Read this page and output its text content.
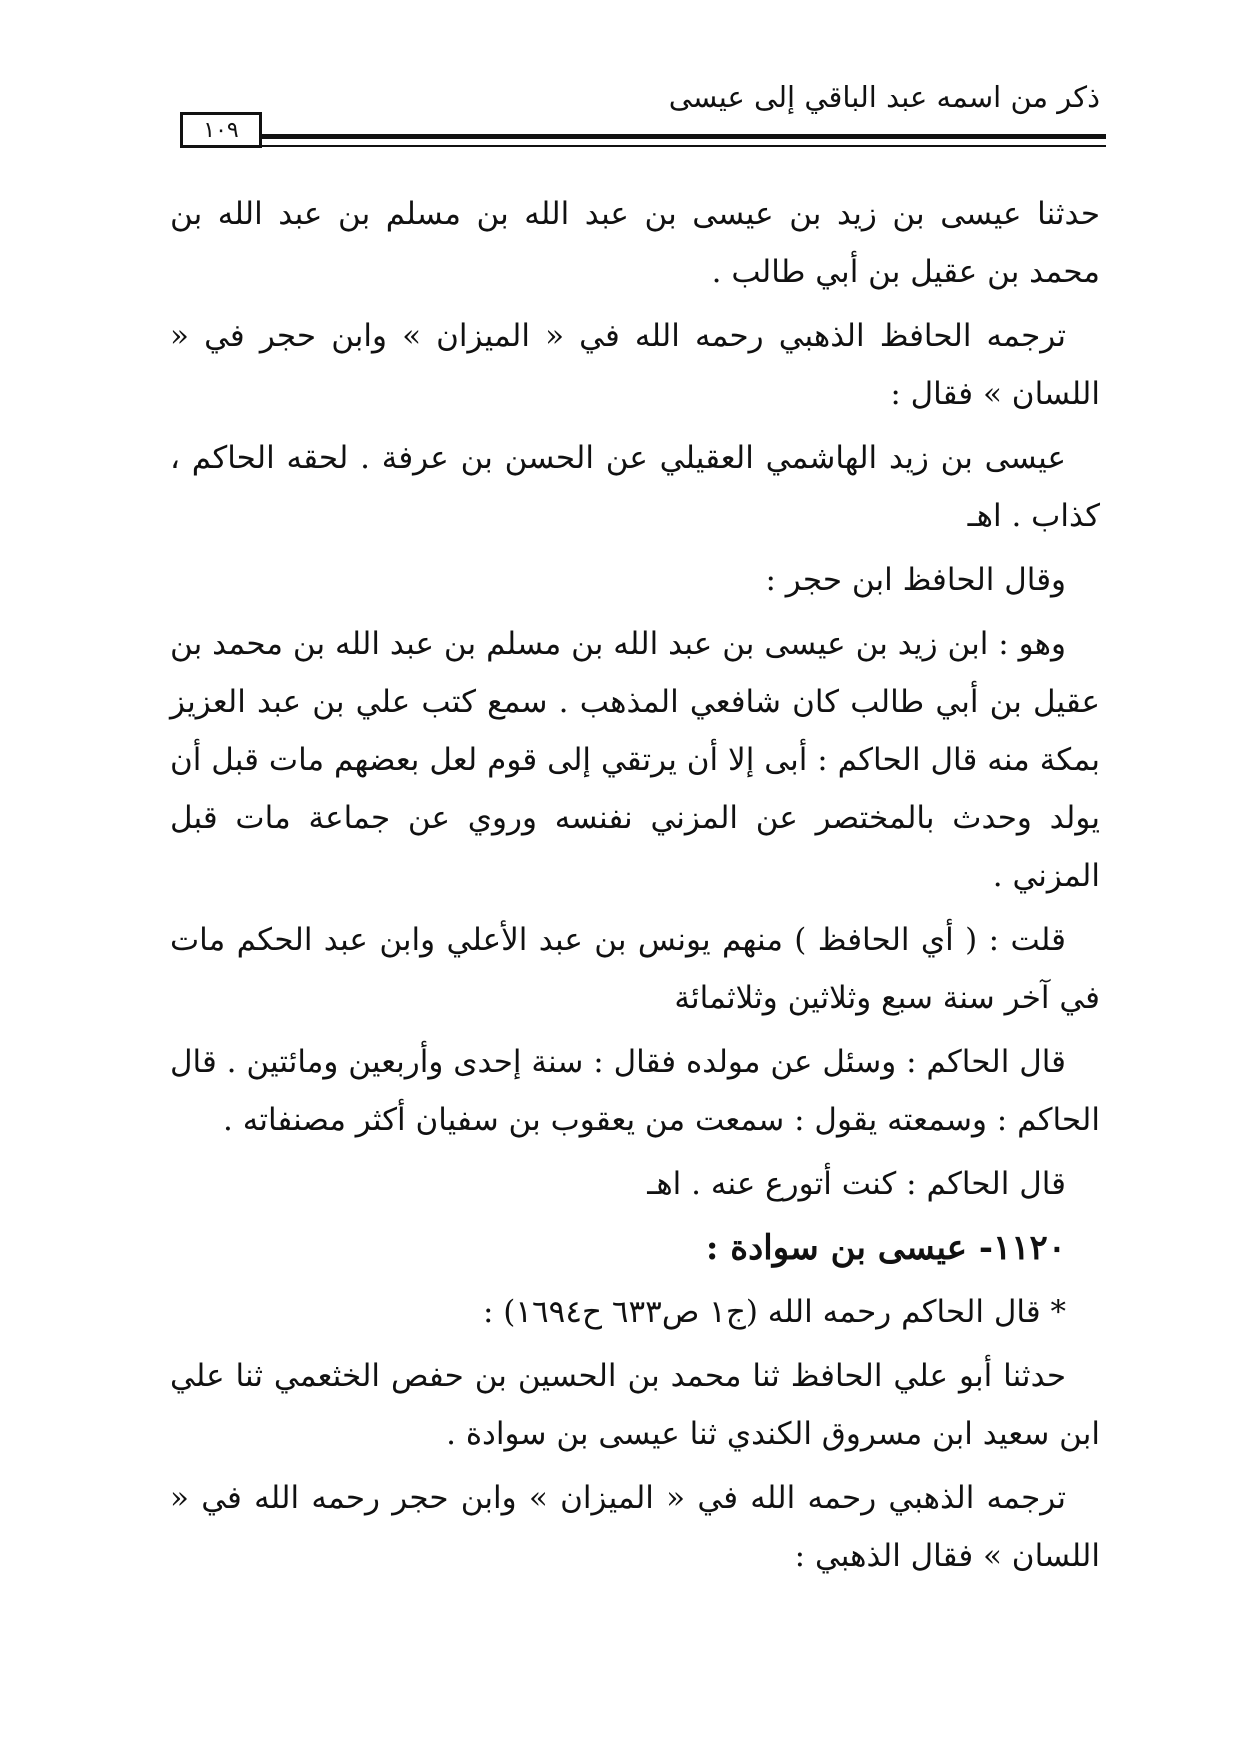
ذكر من اسمه عبد الباقي إلى عيسى
١٠٩

حدثنا عيسى بن زيد بن عيسى بن عبد الله بن مسلم بن عبد الله بن محمد بن عقيل بن أبي طالب .

ترجمه الحافظ الذهبي رحمه الله في « الميزان » وابن حجر في « اللسان » فقال :

عيسى بن زيد الهاشمي العقيلي عن الحسن بن عرفة . لحقه الحاكم ، كذاب . اهـ

وقال الحافظ ابن حجر :

وهو : ابن زيد بن عيسى بن عبد الله بن مسلم بن عبد الله بن محمد بن عقيل بن أبي طالب كان شافعي المذهب . سمع كتب علي بن عبد العزيز بمكة منه قال الحاكم : أبى إلا أن يرتقي إلى قوم لعل بعضهم مات قبل أن يولد وحدث بالمختصر عن المزني نفنسه وروي عن جماعة مات قبل المزني .

قلت : ( أي الحافظ ) منهم يونس بن عبد الأعلي وابن عبد الحكم مات في آخر سنة سبع وثلاثين وثلاثمائة

قال الحاكم : وسئل عن مولده فقال : سنة إحدى وأربعين ومائتين . قال الحاكم : وسمعته يقول : سمعت من يعقوب بن سفيان أكثر مصنفاته .

قال الحاكم : كنت أتورع عنه . اهـ

١١٢٠- عيسى بن سوادة :

* قال الحاكم رحمه الله (ج١ ص٦٣٣ ح١٦٩٤) :

حدثنا أبو علي الحافظ ثنا محمد بن الحسين بن حفص الخثعمي ثنا علي ابن سعيد ابن مسروق الكندي ثنا عيسى بن سوادة .

ترجمه الذهبي رحمه الله في « الميزان » وابن حجر رحمه الله في « اللسان » فقال الذهبي :
